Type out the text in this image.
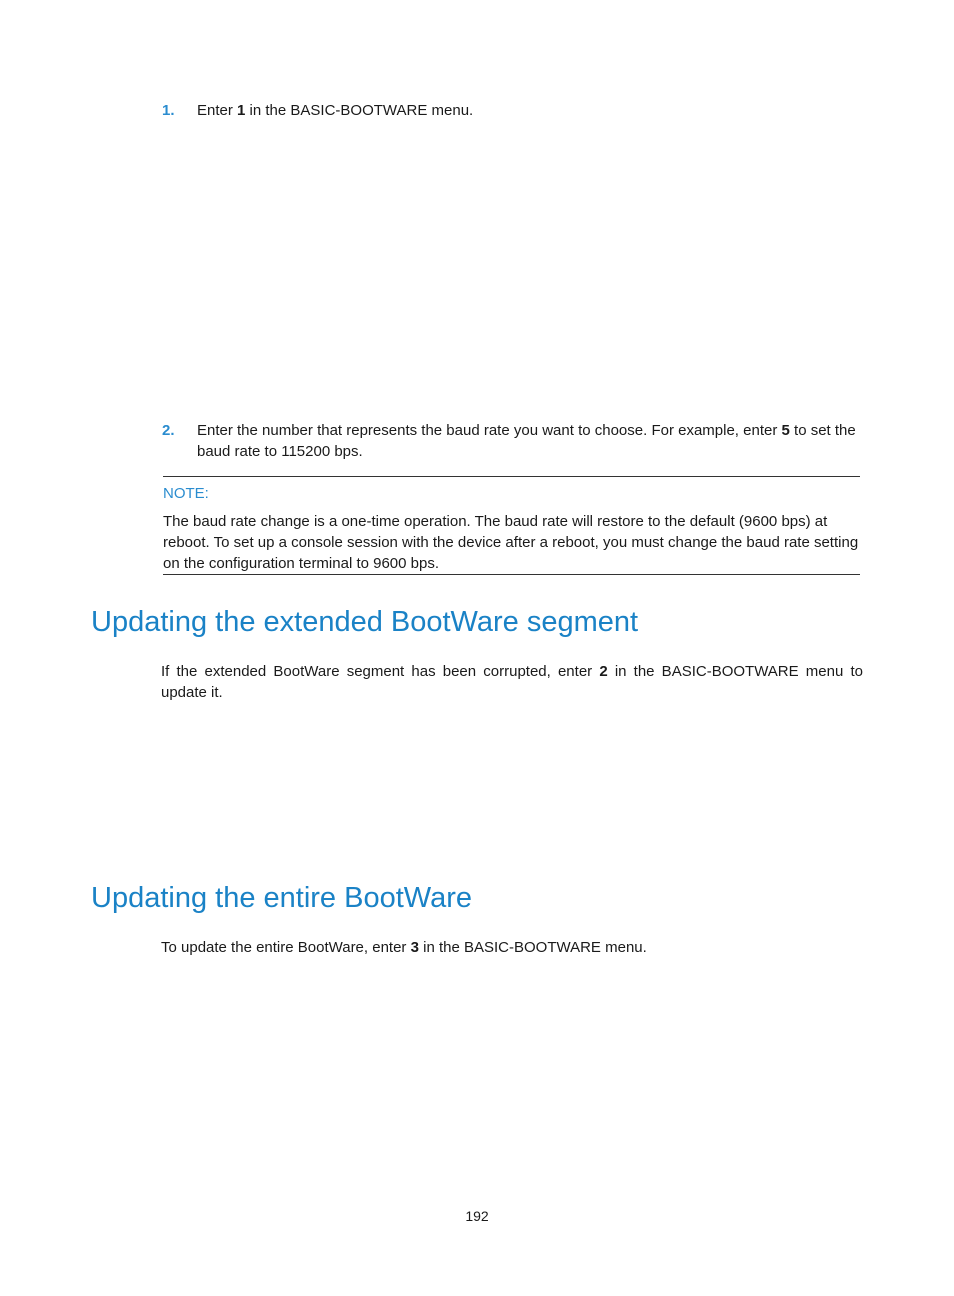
1. Enter 1 in the BASIC-BOOTWARE menu.
2. Enter the number that represents the baud rate you want to choose. For example, enter 5 to set the baud rate to 115200 bps.
NOTE:
The baud rate change is a one-time operation. The baud rate will restore to the default (9600 bps) at reboot. To set up a console session with the device after a reboot, you must change the baud rate setting on the configuration terminal to 9600 bps.
Updating the extended BootWare segment
If the extended BootWare segment has been corrupted, enter 2 in the BASIC-BOOTWARE menu to update it.
Updating the entire BootWare
To update the entire BootWare, enter 3 in the BASIC-BOOTWARE menu.
192
